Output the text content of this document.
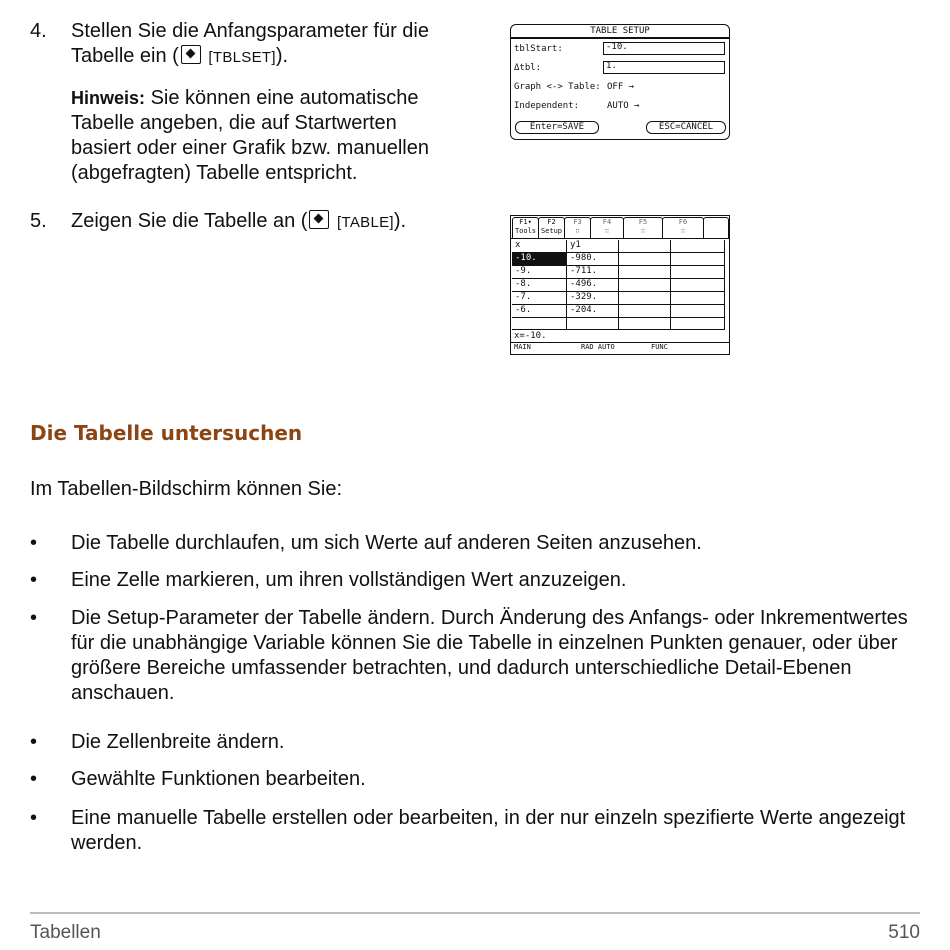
4.	Stellen Sie die Anfangsparameter für die
Tabelle ein ( [TBLSET]).
Hinweis: Sie können eine automatische
Tabelle angeben, die auf Startwerten
basiert oder einer Grafik bzw. manuellen
(abgefragten) Tabelle entspricht.
5.	Zeigen Sie die Tabelle an ( [TABLE]).
TABLE SETUP
tblStart:	-10.
Δtbl:	1.
Graph <-> Table: OFF →
Independent:	AUTO →
Enter=SAVE	ESC=CANCEL
F1▾
Tools
F2
Setup
F3
∷
F4
∷
F5
∷
F6
∷
x	y1
-10.	-980.
-9.	-711.
-8.	-496.
-7.	-329.
-6.	-204.
x=-10.
MAIN	RAD AUTO	FUNC
Die Tabelle untersuchen
Im Tabellen-Bildschirm können Sie:
• Die Tabelle durchlaufen, um sich Werte auf anderen Seiten anzusehen.
• Eine Zelle markieren, um ihren vollständigen Wert anzuzeigen.
• Die Setup-Parameter der Tabelle ändern. Durch Änderung des Anfangs- oder Inkrementwertes für die unabhängige Variable können Sie die Tabelle in einzelnen Punkten genauer, oder über größere Bereiche umfassender betrachten, und dadurch unterschiedliche Detail-Ebenen anschauen.
• Die Zellenbreite ändern.
• Gewählte Funktionen bearbeiten.
• Eine manuelle Tabelle erstellen oder bearbeiten, in der nur einzeln spezifierte Werte angezeigt werden.
Tabellen	510
